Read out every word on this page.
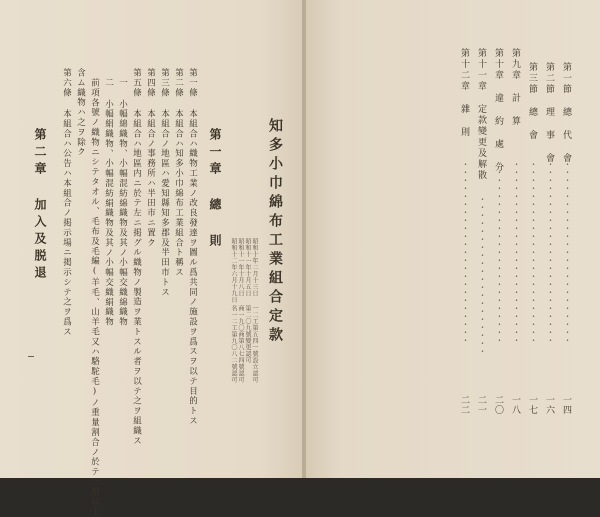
知多小巾綿布工業組合定款
昭和十二年六月十九日 昭和十一年十月八日 昭和十一年十月五日 昭和十年二月十三日
名一二工第九〇八二號認可 商一九〇商第八七四號認可 第二〇九號變更認可 一二工第五四一號設立認可
第一章 總 則
第一條 本組合ハ織物工業ノ改良發達ヲ圖ル爲共同ノ施設ヲ爲スヲ以テ目的トス
第二條 本組合ハ知多小巾綿布工業組合ト稱ス
第三條 本組合ノ地區ハ愛知縣知多郡及半田市トス
第四條 本組合ノ事務所ハ半田市ニ置ク
第五條 本組合ハ地區内ニ於テ左ニ掲グル織物ノ製造ヲ業トスル者ヲ以テ之ヲ組織ス
一 小幅綿織物、小幅混紡綿織物及其ノ小幅交織綿織物
二 小幅絹織物、小幅混紡絹織物及其ノ小幅交織絹織物
前項各號ノ織物ニシテタオル、毛布及毛編(羊毛、山羊毛又ハ駱駝毛)ノ重量割合ノ於テ一割以上
含ム織物ハ之ヲ除ク
第六條 本組合ハ公告ハ本組合ノ掲示場ニ掲示シテ之ヲ爲ス
第二章 加入及脱退
第一節 總 代 會
・・・・・・・・・・・・・・・・・・・・・・・
一四
第二節 理 事 會
・・・・・・・・・・・・・・・・・・・・・・・
一六
第三節 總 會
・・・・・・・・・・・・・・・・・・・・・・・
一七
第九章 計 算
・・・・・・・・・・・・・・・・・・・・・・・
一八
第十章 違 約 處 分
・・・・・・・・・・・・・・・・・・・・・・・
二〇
第十一章 定款變更及解散
・・・・・・・・・・・・・・・・・・・・
二一
第十二章 雜 則
・・・・・・・・・・・・・・・・・・・・・・・
二二
